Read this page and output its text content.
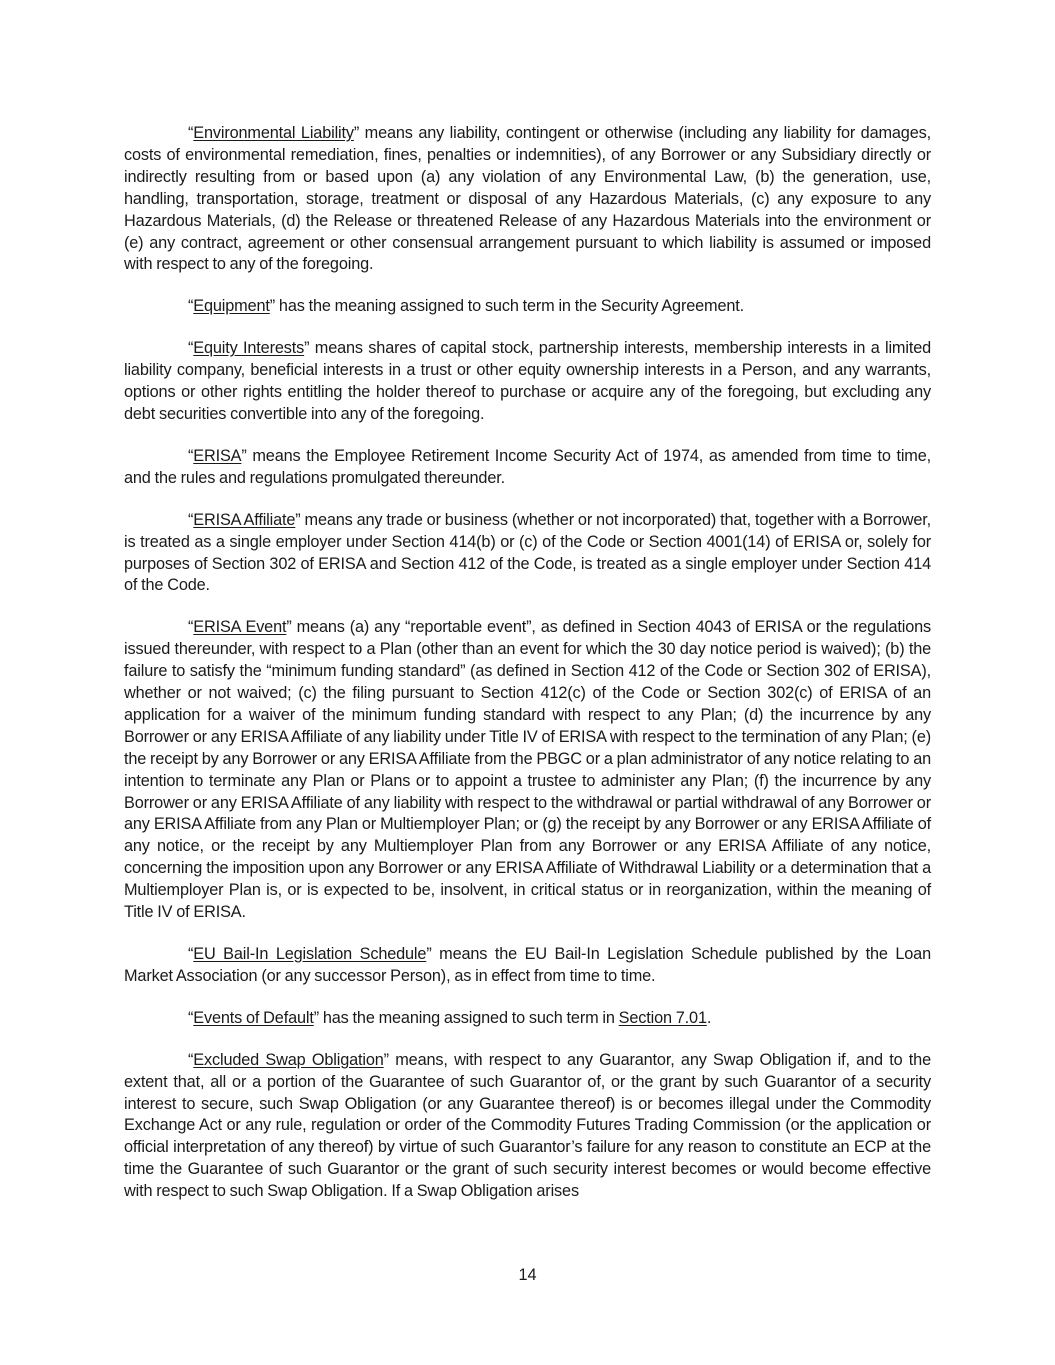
“Environmental Liability” means any liability, contingent or otherwise (including any liability for damages, costs of environmental remediation, fines, penalties or indemnities), of any Borrower or any Subsidiary directly or indirectly resulting from or based upon (a) any violation of any Environmental Law, (b) the generation, use, handling, transportation, storage, treatment or disposal of any Hazardous Materials, (c) any exposure to any Hazardous Materials, (d) the Release or threatened Release of any Hazardous Materials into the environment or (e) any contract, agreement or other consensual arrangement pursuant to which liability is assumed or imposed with respect to any of the foregoing.

“Equipment” has the meaning assigned to such term in the Security Agreement.

“Equity Interests” means shares of capital stock, partnership interests, membership interests in a limited liability company, beneficial interests in a trust or other equity ownership interests in a Person, and any warrants, options or other rights entitling the holder thereof to purchase or acquire any of the foregoing, but excluding any debt securities convertible into any of the foregoing.

“ERISA” means the Employee Retirement Income Security Act of 1974, as amended from time to time, and the rules and regulations promulgated thereunder.

“ERISA Affiliate” means any trade or business (whether or not incorporated) that, together with a Borrower, is treated as a single employer under Section 414(b) or (c) of the Code or Section 4001(14) of ERISA or, solely for purposes of Section 302 of ERISA and Section 412 of the Code, is treated as a single employer under Section 414 of the Code.

“ERISA Event” means (a) any “reportable event”, as defined in Section 4043 of ERISA or the regulations issued thereunder, with respect to a Plan (other than an event for which the 30 day notice period is waived); (b) the failure to satisfy the “minimum funding standard” (as defined in Section 412 of the Code or Section 302 of ERISA), whether or not waived; (c) the filing pursuant to Section 412(c) of the Code or Section 302(c) of ERISA of an application for a waiver of the minimum funding standard with respect to any Plan; (d) the incurrence by any Borrower or any ERISA Affiliate of any liability under Title IV of ERISA with respect to the termination of any Plan; (e) the receipt by any Borrower or any ERISA Affiliate from the PBGC or a plan administrator of any notice relating to an intention to terminate any Plan or Plans or to appoint a trustee to administer any Plan; (f) the incurrence by any Borrower or any ERISA Affiliate of any liability with respect to the withdrawal or partial withdrawal of any Borrower or any ERISA Affiliate from any Plan or Multiemployer Plan; or (g) the receipt by any Borrower or any ERISA Affiliate of any notice, or the receipt by any Multiemployer Plan from any Borrower or any ERISA Affiliate of any notice, concerning the imposition upon any Borrower or any ERISA Affiliate of Withdrawal Liability or a determination that a Multiemployer Plan is, or is expected to be, insolvent, in critical status or in reorganization, within the meaning of Title IV of ERISA.

“EU Bail-In Legislation Schedule” means the EU Bail-In Legislation Schedule published by the Loan Market Association (or any successor Person), as in effect from time to time.

“Events of Default” has the meaning assigned to such term in Section 7.01.

“Excluded Swap Obligation” means, with respect to any Guarantor, any Swap Obligation if, and to the extent that, all or a portion of the Guarantee of such Guarantor of, or the grant by such Guarantor of a security interest to secure, such Swap Obligation (or any Guarantee thereof) is or becomes illegal under the Commodity Exchange Act or any rule, regulation or order of the Commodity Futures Trading Commission (or the application or official interpretation of any thereof) by virtue of such Guarantor’s failure for any reason to constitute an ECP at the time the Guarantee of such Guarantor or the grant of such security interest becomes or would become effective with respect to such Swap Obligation. If a Swap Obligation arises

14
